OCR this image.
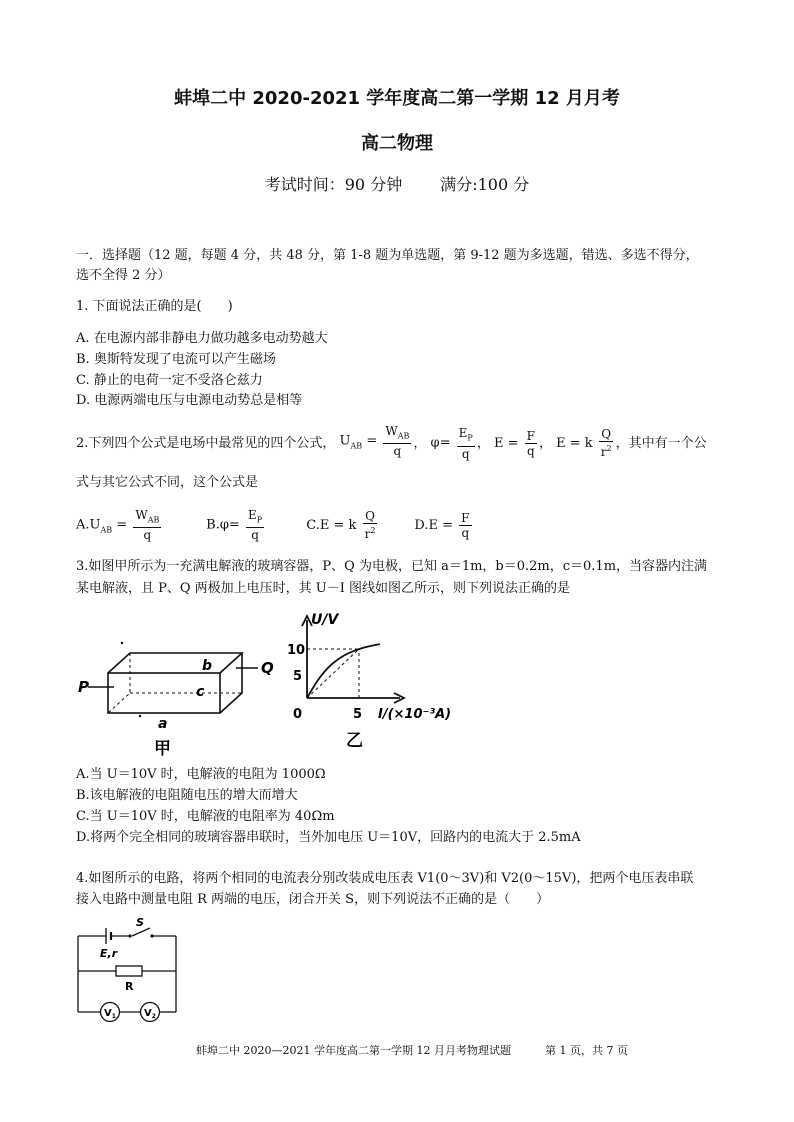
蚌埠二中 2020-2021 学年度高二第一学期 12 月月考
高二物理
考试时间：90 分钟 满分:100 分
一．选择题（12 题，每题 4 分，共 48 分，第 1-8 题为单选题，第 9-12 题为多选题，错选、多选不得分，
选不全得 2 分）
1. 下面说法正确的是(　　)
A. 在电源内部非静电力做功越多电动势越大
B. 奥斯特发现了电流可以产生磁场
C. 静止的电荷一定不受洛仑兹力
D. 电源两端电压与电源电动势总是相等
2.下列四个公式是电场中最常见的四个公式， $U_{AB} = \frac{W_{AB}}{q}$ ， $\varphi= \frac{E_P}{q}$ ， $E = \frac{F}{q}$ ， E = k $\frac{Q}{r^2}$ ，其中有一个公
式与其它公式不同，这个公式是
$A.U_{AB} = \frac{W_{AB}}{q}$	$B.\varphi= \frac{E_P}{q}$	C.E = k $\frac{Q}{r^2}$	$D.E = \frac{F}{q}$
3.如图甲所示为一充满电解液的玻璃容器，P、Q 为电极，已知 a＝1m，b＝0.2m，c＝0.1m，当容器内注满
某电解液，且 P、Q 两极加上电压时，其 U－I 图线如图乙所示，则下列说法正确的是
P
Q
b
c
a
甲
U/V
I/(×10⁻³A)
10
5
0	5
乙
A.当 U＝10V 时，电解液的电阻为 1000Ω
B.该电解液的电阻随电压的增大而增大
C.当 U＝10V 时，电解液的电阻率为 40Ωm
D.将两个完全相同的玻璃容器串联时，当外加电压 U＝10V，回路内的电流大于 2.5mA
4.如图所示的电路，将两个相同的电流表分别改装成电压表 V1(0～3V)和 V2(0～15V)，把两个电压表串联
接入电路中测量电阻 R 两端的电压，闭合开关 S，则下列说法不正确的是（　　）
S
E,r
R
$V_1$	$V_2$
蚌埠二中 2020—2021 学年度高二第一学期 12 月月考物理试题	第 1 页，共 7 页
